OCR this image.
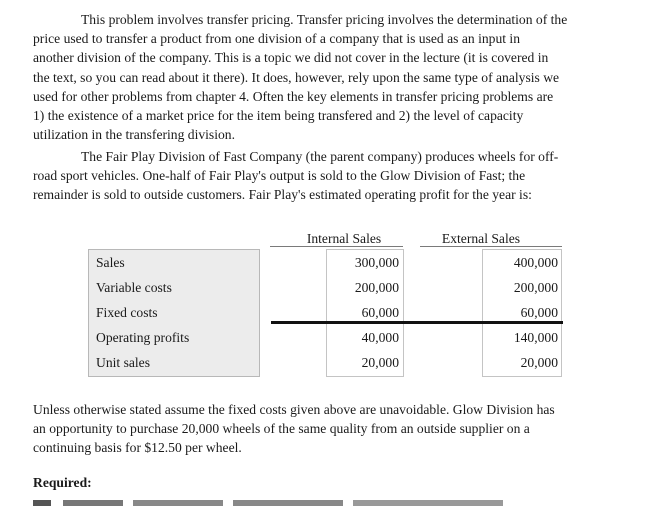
This problem involves transfer pricing. Transfer pricing involves the determination of the
price used to transfer a product from one division of a company that is used as an input in
another division of the company. This is a topic we did not cover in the lecture (it is covered in
the text, so you can read about it there). It does, however, rely upon the same type of analysis we
used for other problems from chapter 4. Often the key elements in transfer pricing problems are
1) the existence of a market price for the item being transfered and 2) the level of capacity
utilization in the transfering division.
The Fair Play Division of Fast Company (the parent company) produces wheels for off-
road sport vehicles. One-half of Fair Play's output is sold to the Glow Division of Fast; the
remainder is sold to outside customers. Fair Play's estimated operating profit for the year is:
Internal Sales	External Sales
Sales
Variable costs
Fixed costs
Operating profits
Unit sales
300,000
200,000
60,000
40,000
20,000
400,000
200,000
60,000
140,000
20,000
Unless otherwise stated assume the fixed costs given above are unavoidable. Glow Division has
an opportunity to purchase 20,000 wheels of the same quality from an outside supplier on a
continuing basis for $12.50 per wheel.
Required:
